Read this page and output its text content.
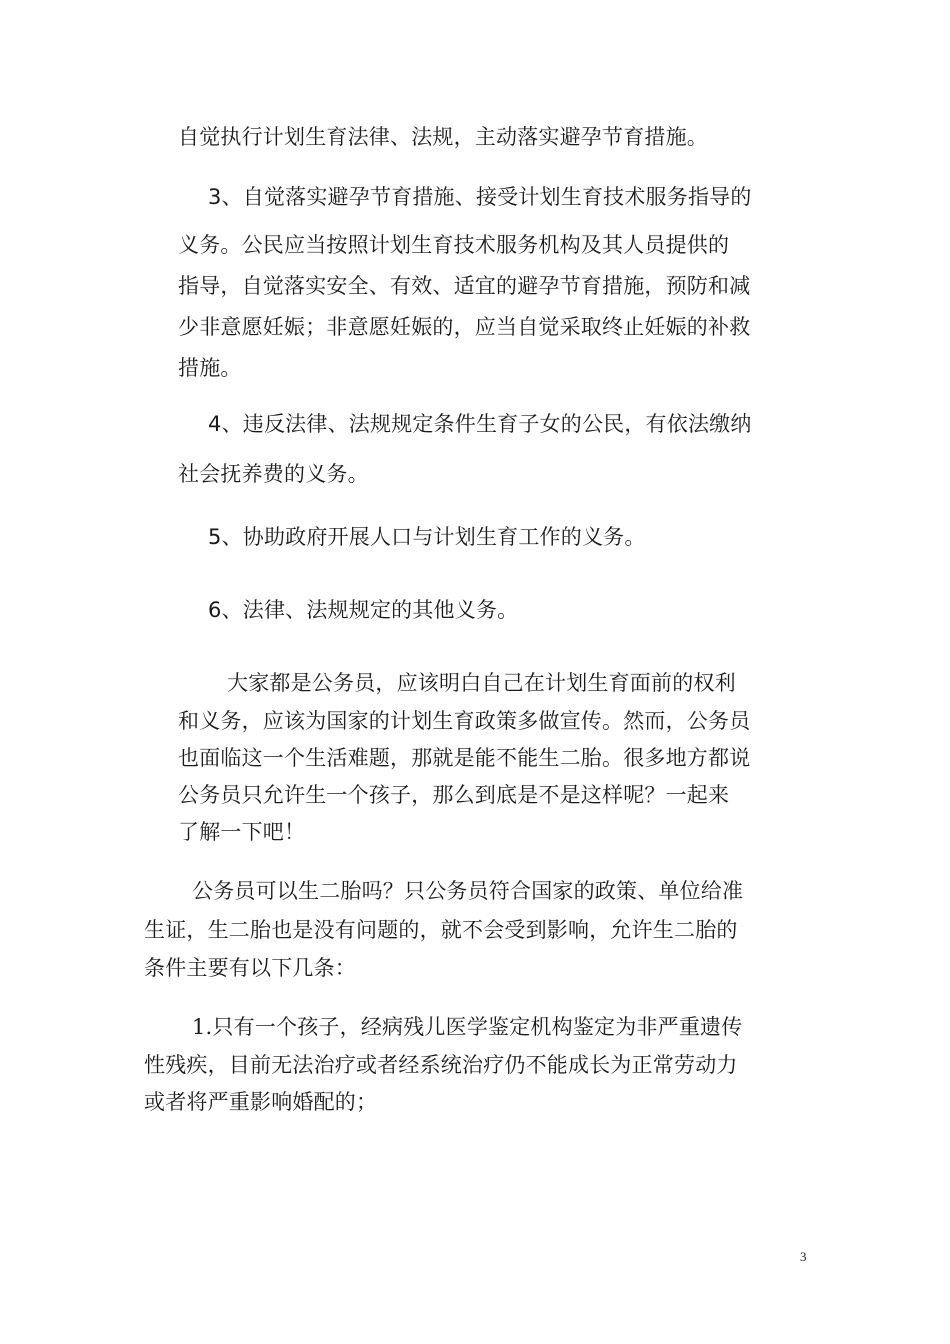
自觉执行计划生育法律、法规，主动落实避孕节育措施。
3、自觉落实避孕节育措施、接受计划生育技术服务指导的
义务。公民应当按照计划生育技术服务机构及其人员提供的
指导，自觉落实安全、有效、适宜的避孕节育措施，预防和减
少非意愿妊娠；非意愿妊娠的，应当自觉采取终止妊娠的补救
措施。
4、违反法律、法规规定条件生育子女的公民，有依法缴纳
社会抚养费的义务。
5、协助政府开展人口与计划生育工作的义务。
6、法律、法规规定的其他义务。
大家都是公务员，应该明白自己在计划生育面前的权利
和义务，应该为国家的计划生育政策多做宣传。然而，公务员
也面临这一个生活难题，那就是能不能生二胎。很多地方都说
公务员只允许生一个孩子，那么到底是不是这样呢？一起来
了解一下吧！
公务员可以生二胎吗？只公务员符合国家的政策、单位给准
生证，生二胎也是没有问题的，就不会受到影响，允许生二胎的
条件主要有以下几条：
1.只有一个孩子，经病残儿医学鉴定机构鉴定为非严重遗传
性残疾，目前无法治疗或者经系统治疗仍不能成长为正常劳动力
或者将严重影响婚配的；
3
